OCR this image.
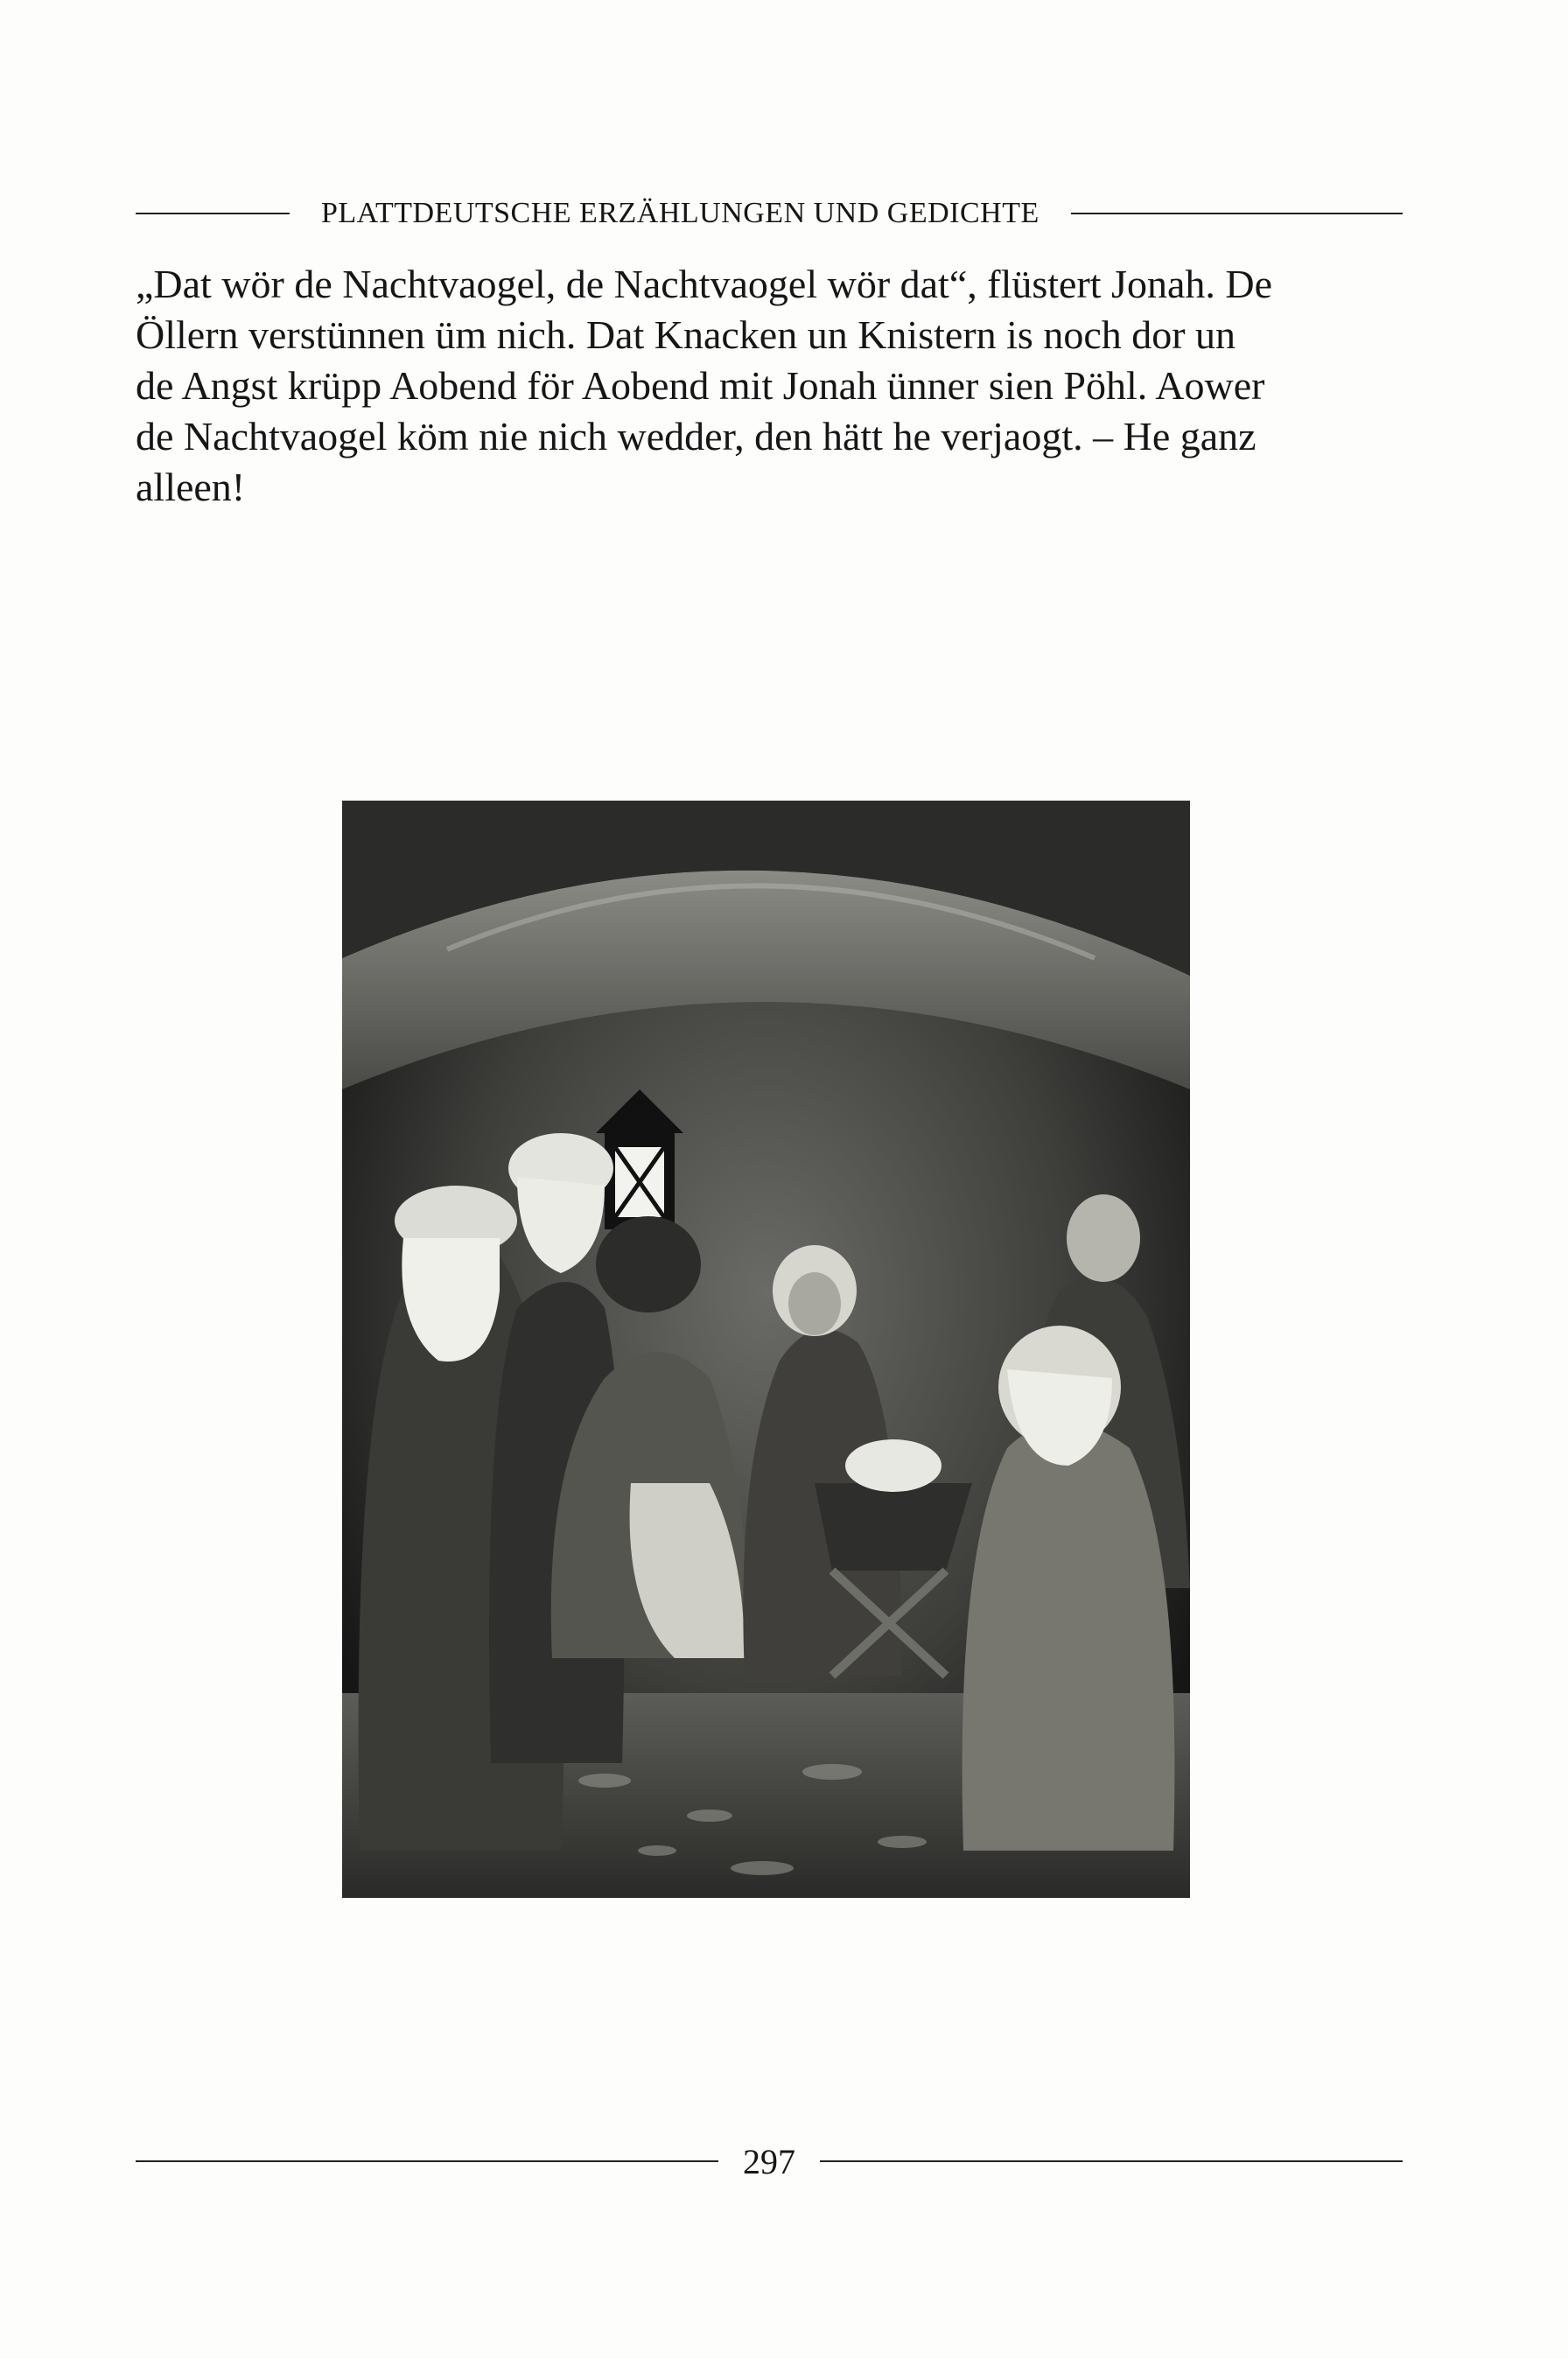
PLATTDEUTSCHE ERZÄHLUNGEN UND GEDICHTE
„Dat wör de Nachtvaogel, de Nachtvaogel wör dat“, flüstert Jonah. De
Öllern verstünnen üm nich. Dat Knacken un Knistern is noch dor un
de Angst krüpp Aobend för Aobend mit Jonah ünner sien Pöhl. Aower
de Nachtvaogel köm nie nich wedder, den hätt he verjaogt. – He ganz
alleen!
297
